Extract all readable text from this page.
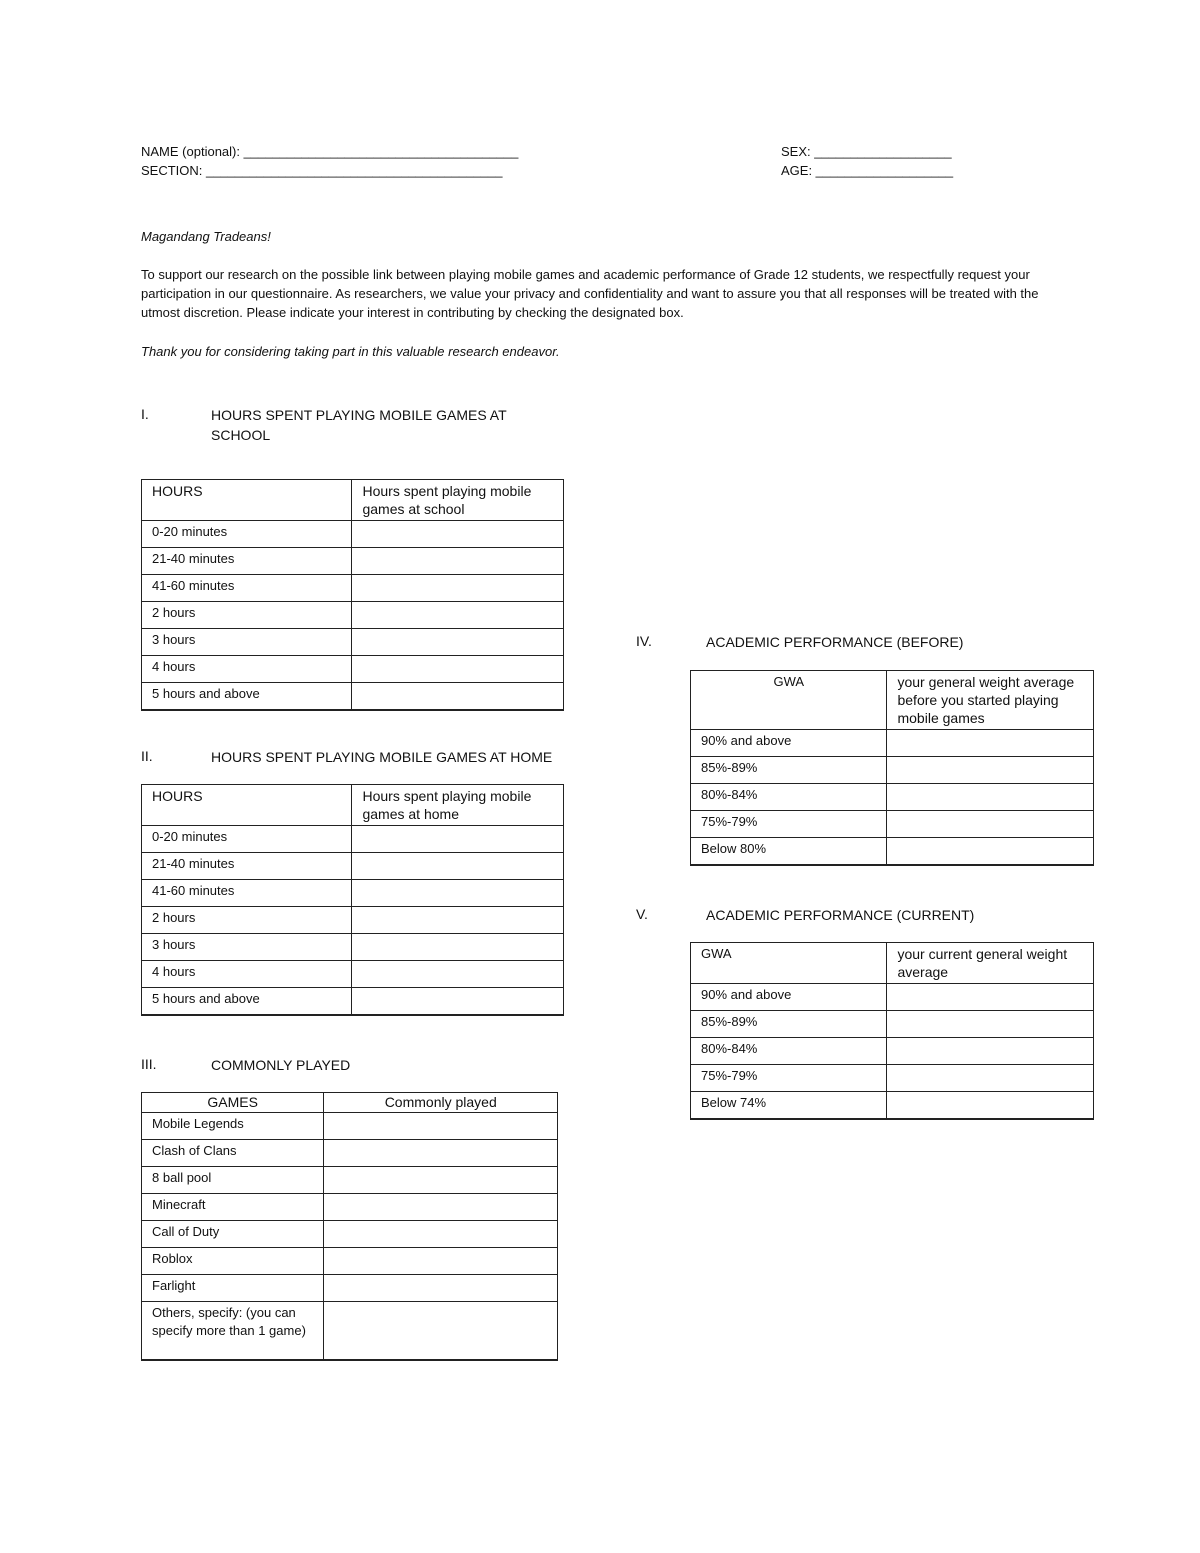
NAME (optional): ______________________________________
SECTION: _________________________________________
SEX: ___________________
AGE: ___________________
Magandang Tradeans!
To support our research on the possible link between playing mobile games and academic performance of Grade 12 students, we respectfully request your participation in our questionnaire. As researchers, we value your privacy and confidentiality and want to assure you that all responses will be treated with the utmost discretion. Please indicate your interest in contributing by checking the designated box.
Thank you for considering taking part in this valuable research endeavor.
I.	HOURS SPENT PLAYING MOBILE GAMES AT
SCHOOL
HOURS	Hours spent playing mobile games at school
0-20 minutes	
21-40 minutes	
41-60 minutes	
2 hours	
3 hours	
4 hours	
5 hours and above	
II.	HOURS SPENT PLAYING MOBILE GAMES AT HOME
HOURS	Hours spent playing mobile games at home
0-20 minutes	
21-40 minutes	
41-60 minutes	
2 hours	
3 hours	
4 hours	
5 hours and above	
III.	COMMONLY PLAYED
GAMES	Commonly played
Mobile Legends	
Clash of Clans	
8 ball pool	
Minecraft	
Call of Duty	
Roblox	
Farlight	
Others, specify: (you can specify more than 1 game)	
IV.	ACADEMIC PERFORMANCE (BEFORE)
GWA	your general weight average before you started playing mobile games
90% and above	
85%-89%	
80%-84%	
75%-79%	
Below 80%	
V.	ACADEMIC PERFORMANCE (CURRENT)
GWA	your current general weight average
90% and above	
85%-89%	
80%-84%	
75%-79%	
Below 74%	
